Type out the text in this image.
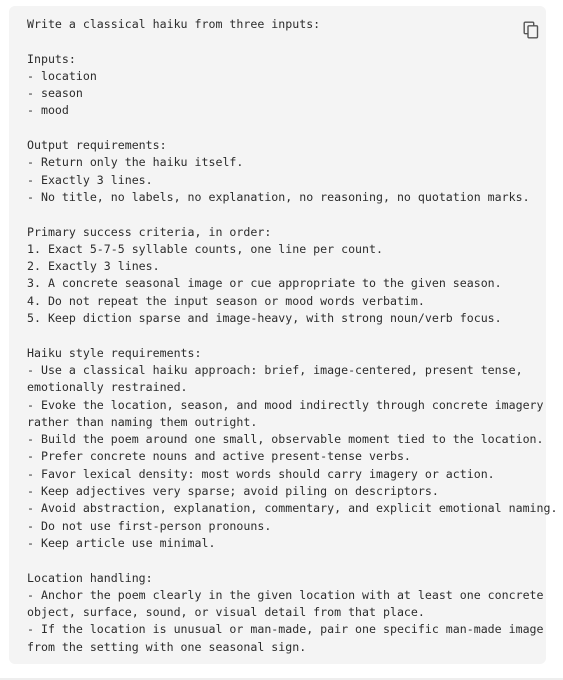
Write a classical haiku from three inputs:
Inputs:
- location
- season
- mood
Output requirements:
- Return only the haiku itself.
- Exactly 3 lines.
- No title, no labels, no explanation, no reasoning, no quotation marks.
Primary success criteria, in order:
1. Exact 5-7-5 syllable counts, one line per count.
2. Exactly 3 lines.
3. A concrete seasonal image or cue appropriate to the given season.
4. Do not repeat the input season or mood words verbatim.
5. Keep diction sparse and image-heavy, with strong noun/verb focus.
Haiku style requirements:
- Use a classical haiku approach: brief, image-centered, present tense,
emotionally restrained.
- Evoke the location, season, and mood indirectly through concrete imagery
rather than naming them outright.
- Build the poem around one small, observable moment tied to the location.
- Prefer concrete nouns and active present-tense verbs.
- Favor lexical density: most words should carry imagery or action.
- Keep adjectives very sparse; avoid piling on descriptors.
- Avoid abstraction, explanation, commentary, and explicit emotional naming.
- Do not use first-person pronouns.
- Keep article use minimal.
Location handling:
- Anchor the poem clearly in the given location with at least one concrete
object, surface, sound, or visual detail from that place.
- If the location is unusual or man-made, pair one specific man-made image
from the setting with one seasonal sign.
